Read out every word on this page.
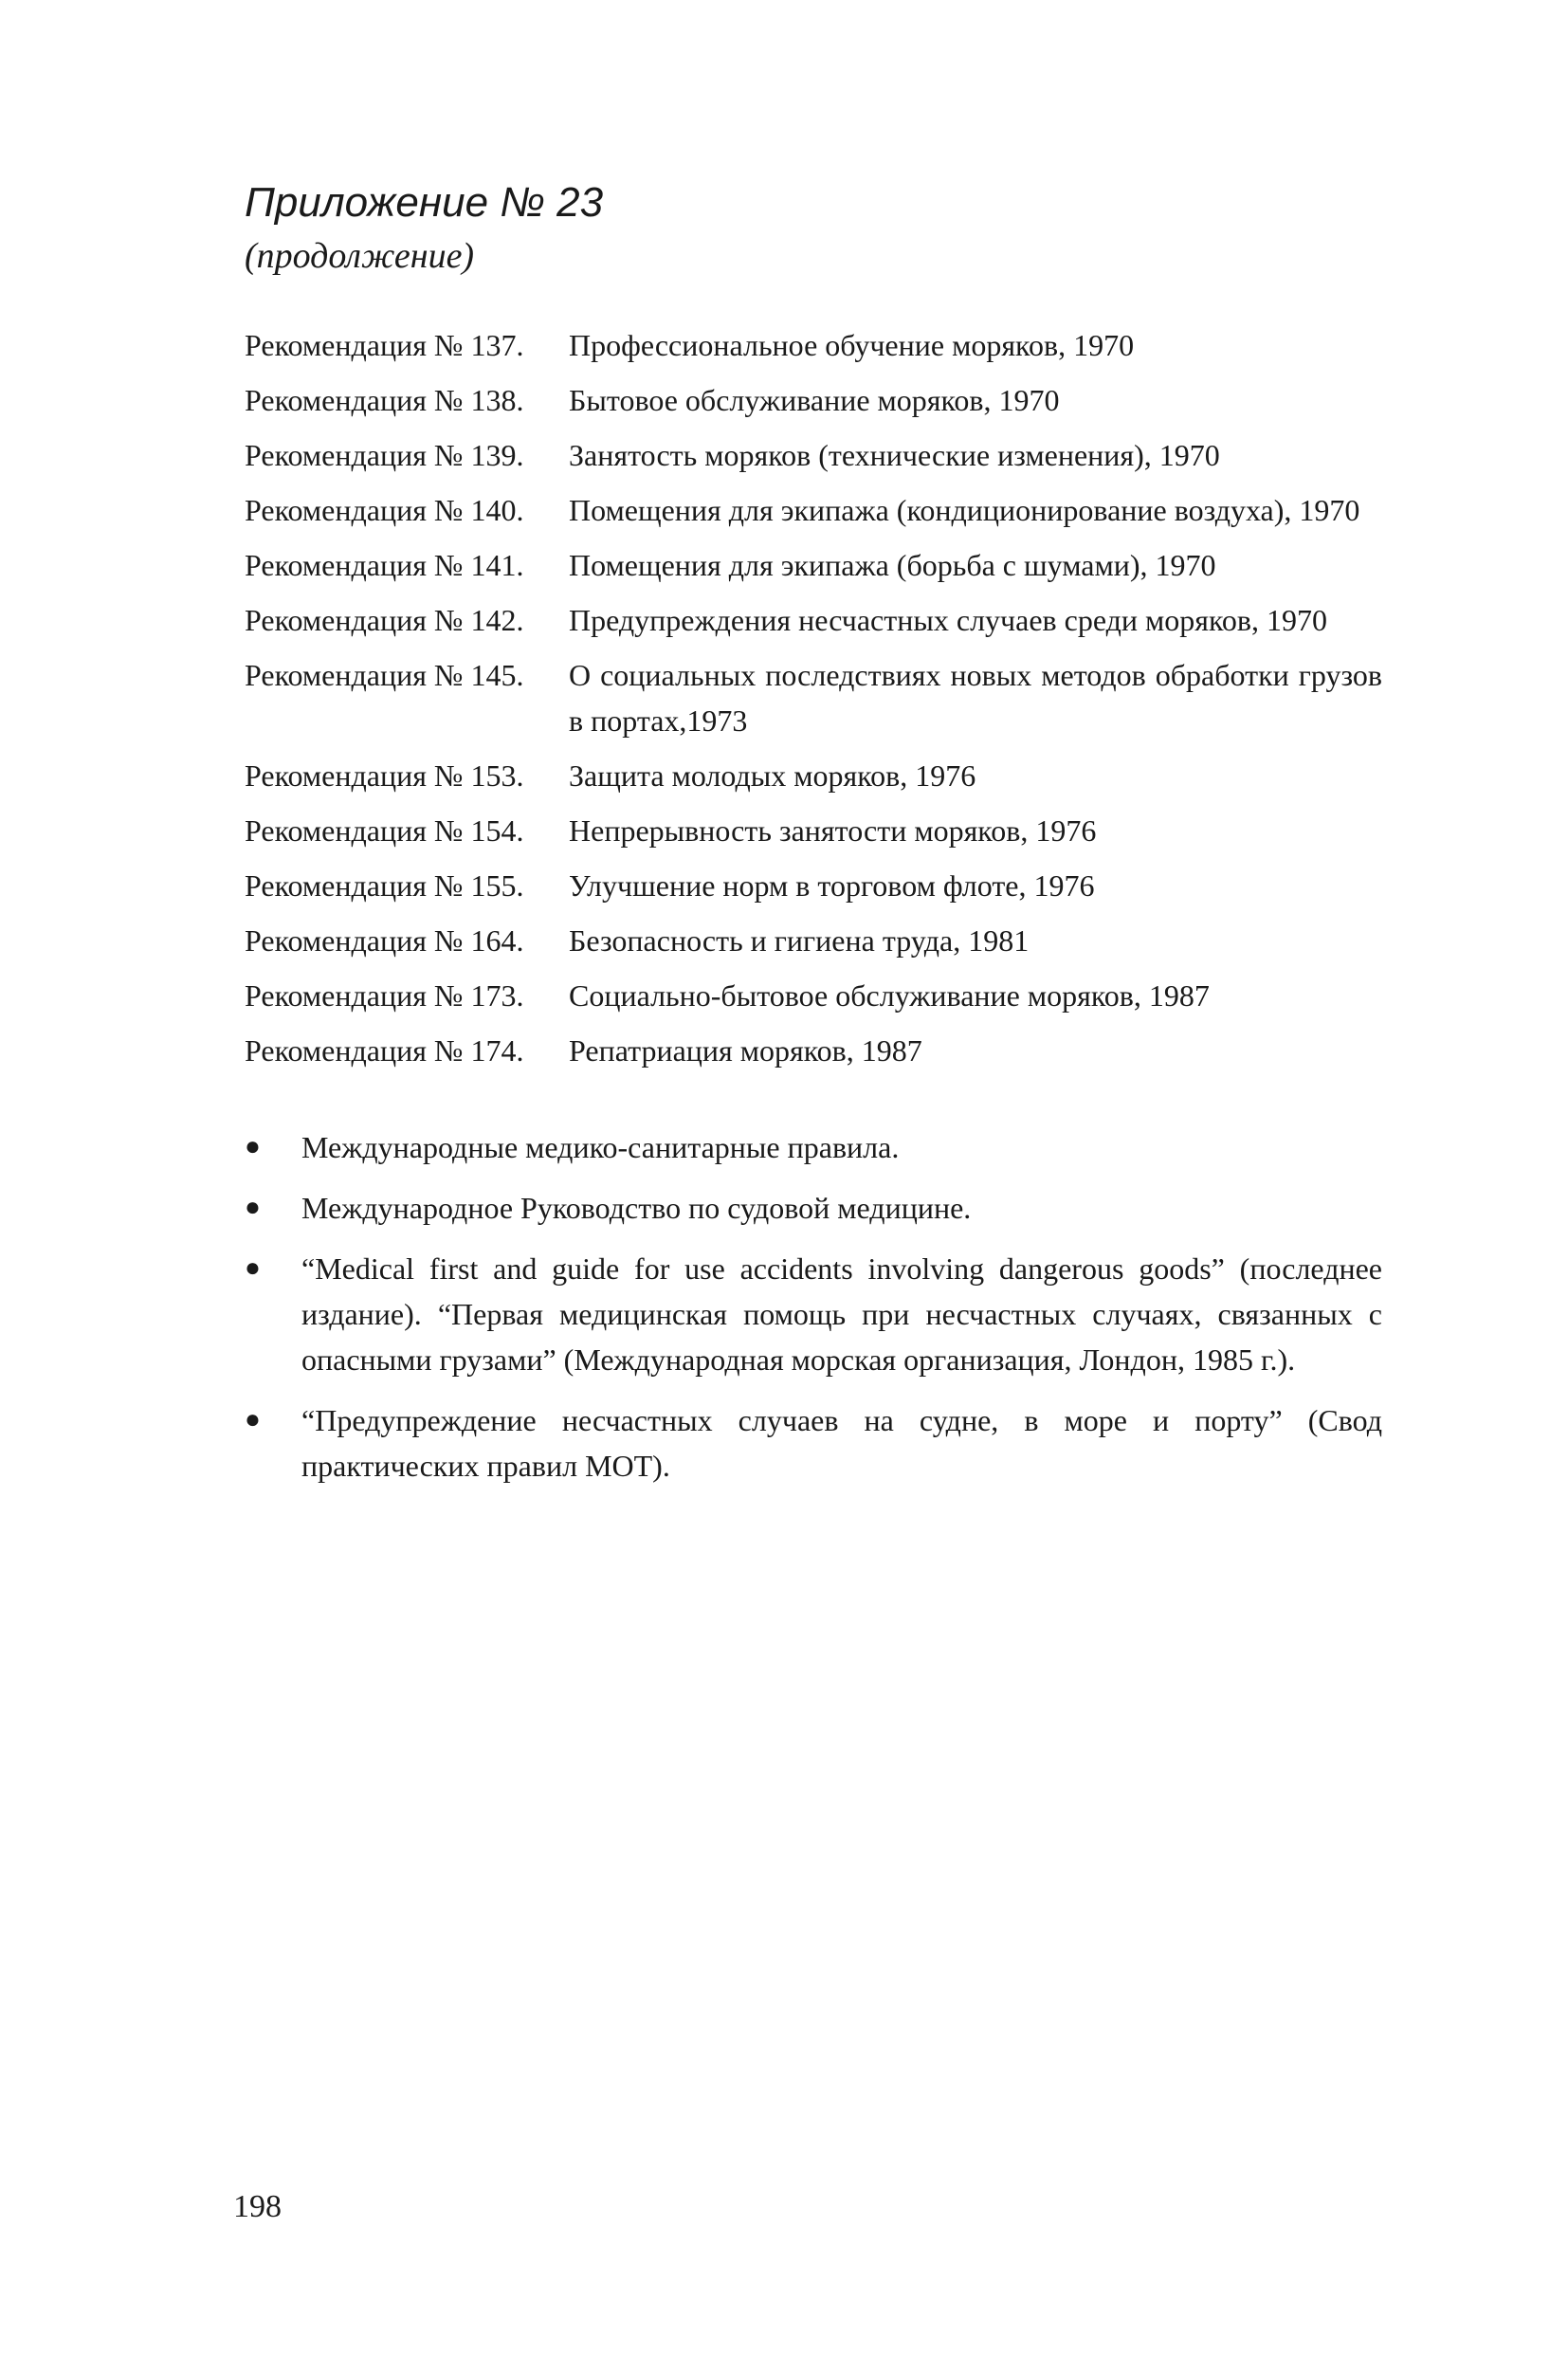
Приложение № 23
(продолжение)
Рекомендация № 137.	Профессиональное обучение моряков, 1970
Рекомендация № 138.	Бытовое обслуживание моряков, 1970
Рекомендация № 139.	Занятость моряков (технические изменения), 1970
Рекомендация № 140.	Помещения для экипажа (кондиционирование воздуха), 1970
Рекомендация № 141.	Помещения для экипажа (борьба с шумами), 1970
Рекомендация № 142.	Предупреждения несчастных случаев среди моряков, 1970
Рекомендация № 145.	О социальных последствиях новых методов обработки грузов в портах,1973
Рекомендация № 153.	Защита молодых моряков, 1976
Рекомендация № 154.	Непрерывность занятости моряков, 1976
Рекомендация № 155.	Улучшение норм в торговом флоте, 1976
Рекомендация № 164.	Безопасность и гигиена труда, 1981
Рекомендация № 173.	Социально-бытовое обслуживание моряков, 1987
Рекомендация № 174.	Репатриация моряков, 1987
●	Международные медико-санитарные правила.
●	Международное Руководство по судовой медицине.
●	“Medical first and guide for use accidents involving dangerous goods” (последнее издание). “Первая медицинская помощь при несчастных случаях, связанных с опасными грузами” (Международная морская организация, Лондон, 1985 г.).
●	“Предупреждение несчастных случаев на судне, в море и порту” (Свод практических правил МОТ).
198
